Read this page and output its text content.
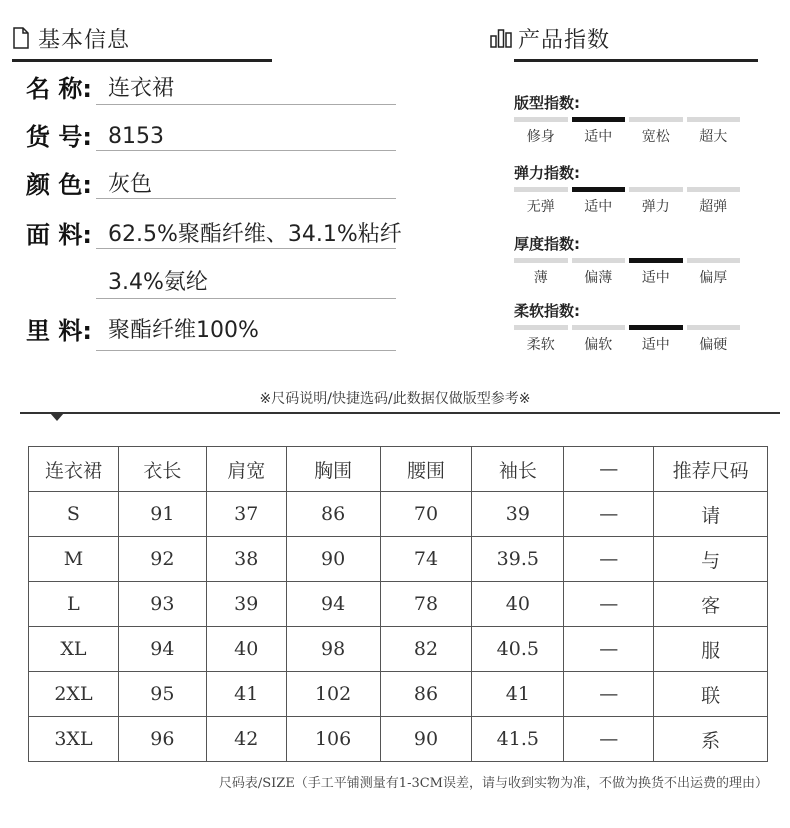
基本信息
名 称: 连衣裙
货 号: 8153
颜 色: 灰色
面 料: 62.5%聚酯纤维、34.1%粘纤
3.4%氨纶
里 料: 聚酯纤维100%
产品指数
版型指数:
修身	适中	宽松	超大
弹力指数:
无弹	适中	弹力	超弹
厚度指数:
薄	偏薄	适中	偏厚
柔软指数:
柔软	偏软	适中	偏硬
※尺码说明/快捷选码/此数据仅做版型参考※
连衣裙	衣长	肩宽	胸围	腰围	袖长	—	推荐尺码
S	91	37	86	70	39	—	请
M	92	38	90	74	39.5	—	与
L	93	39	94	78	40	—	客
XL	94	40	98	82	40.5	—	服
2XL	95	41	102	86	41	—	联
3XL	96	42	106	90	41.5	—	系
尺码表/SIZE（手工平铺测量有1-3CM误差，请与收到实物为准，不做为换货不出运费的理由）
